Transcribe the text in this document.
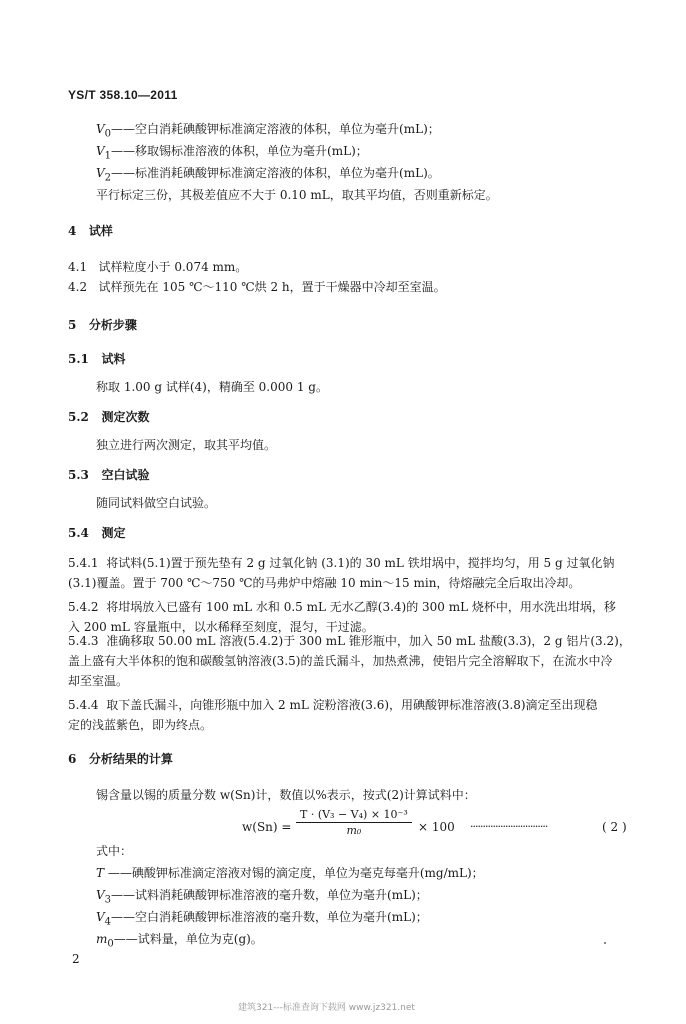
YS/T 358.10—2011
$V_0——$空白消耗碘酸钾标准滴定溶液的体积，单位为毫升(mL)；
$V_1——$移取锡标准溶液的体积，单位为毫升(mL)；
$V_2——$标准消耗碘酸钾标准滴定溶液的体积，单位为毫升(mL)。
平行标定三份，其极差值应不大于 0.10 mL，取其平均值，否则重新标定。
4 试样
4.1 试样粒度小于 0.074 mm。
4.2 试样预先在 105 ℃～110 ℃烘 2 h，置于干燥器中冷却至室温。
5 分析步骤
5.1 试料
称取 1.00 g 试样(4)，精确至 0.000 1 g。
5.2 测定次数
独立进行两次测定，取其平均值。
5.3 空白试验
随同试料做空白试验。
5.4 测定
5.4.1 将试料(5.1)置于预先垫有 2 g 过氧化钠 (3.1)的 30 mL 铁坩埚中，搅拌均匀，用 5 g 过氧化钠
(3.1)覆盖。置于 700 ℃～750 ℃的马弗炉中熔融 10 min～15 min，待熔融完全后取出冷却。
5.4.2 将坩埚放入已盛有 100 mL 水和 0.5 mL 无水乙醇(3.4)的 300 mL 烧杯中，用水洗出坩埚，移
入 200 mL 容量瓶中，以水稀释至刻度，混匀，干过滤。
5.4.3 准确移取 50.00 mL 溶液(5.4.2)于 300 mL 锥形瓶中，加入 50 mL 盐酸(3.3)，2 g 铝片(3.2)，
盖上盛有大半体积的饱和碳酸氢钠溶液(3.5)的盖氏漏斗，加热煮沸，使铝片完全溶解取下，在流水中冷
却至室温。
5.4.4 取下盖氏漏斗，向锥形瓶中加入 2 mL 淀粉溶液(3.6)，用碘酸钾标准溶液(3.8)滴定至出现稳
定的浅蓝紫色，即为终点。
6 分析结果的计算
锡含量以锡的质量分数 w(Sn)计，数值以%表示，按式(2)计算试料中：
$w(Sn) = \frac{\text{T · (V₃ − V₄) × 10⁻³}}{\text{m₀}} \times 100$ ·······························	( 2 )
式中：
T ——碘酸钾标准滴定溶液对锡的滴定度，单位为毫克每毫升(mg/mL)；
$V_3——$试料消耗碘酸钾标准溶液的毫升数，单位为毫升(mL)；
$V_4——$空白消耗碘酸钾标准溶液的毫升数，单位为毫升(mL)；
$m_0——$试料量，单位为克(g)。
2
建筑321---标准查询下载网 www.jz321.net
